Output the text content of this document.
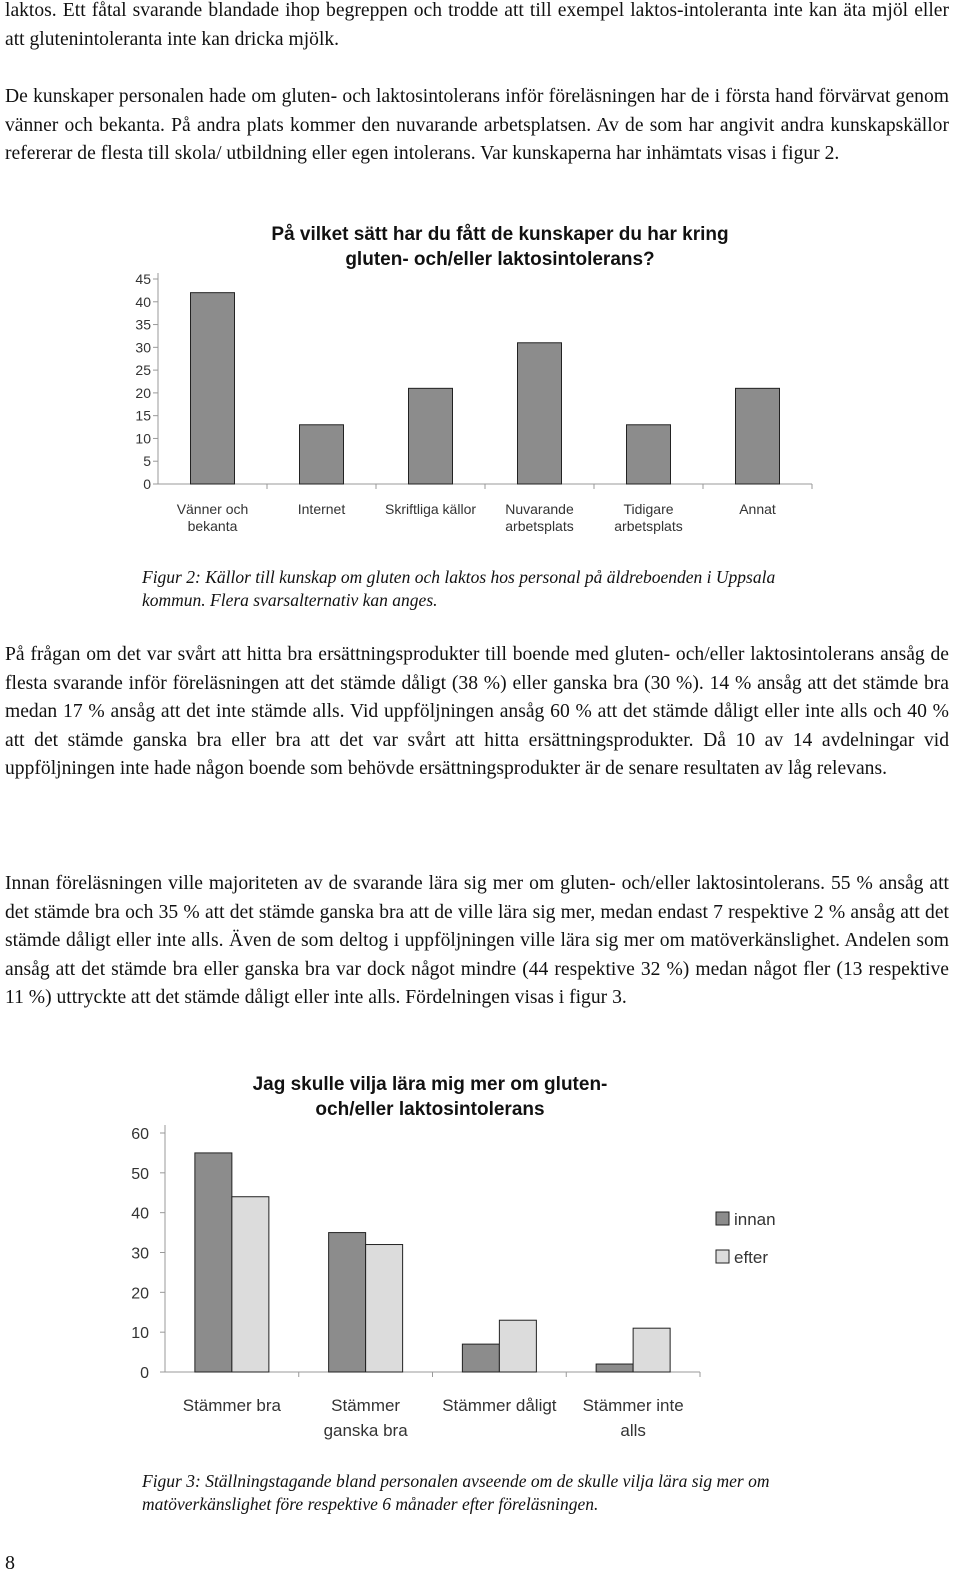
laktos. Ett fåtal svarande blandade ihop begreppen och trodde att till exempel laktos-intoleranta inte kan äta mjöl eller att glutenintoleranta inte kan dricka mjölk.

De kunskaper personalen hade om gluten- och laktosintolerans inför föreläsningen har de i första hand förvärvat genom vänner och bekanta. På andra plats kommer den nuvarande arbetsplatsen. Av de som har angivit andra kunskapskällor refererar de flesta till skola/ utbildning eller egen intolerans. Var kunskaperna har inhämtats visas i figur 2.

På vilket sätt har du fått de kunskaper du har kring
gluten- och/eller laktosintolerans?
0
5
10
15
20
25
30
35
40
45
Vänner och
bekanta
Internet	Skriftliga källor Nuvarande
arbetsplats
Tidigare
arbetsplats
Annat

Figur 2: Källor till kunskap om gluten och laktos hos personal på äldreboenden i Uppsala kommun. Flera svarsalternativ kan anges.

På frågan om det var svårt att hitta bra ersättningsprodukter till boende med gluten- och/eller laktosintolerans ansåg de flesta svarande inför föreläsningen att det stämde dåligt (38 %) eller ganska bra (30 %). 14 % ansåg att det stämde bra medan 17 % ansåg att det inte stämde alls. Vid uppföljningen ansåg 60 % att det stämde dåligt eller inte alls och 40 % att det stämde ganska bra eller bra att det var svårt att hitta ersättningsprodukter. Då 10 av 14 avdelningar vid uppföljningen inte hade någon boende som behövde ersättningsprodukter är de senare resultaten av låg relevans.

Innan föreläsningen ville majoriteten av de svarande lära sig mer om gluten- och/eller laktosintolerans. 55 % ansåg att det stämde bra och 35 % att det stämde ganska bra att de ville lära sig mer, medan endast 7 respektive 2 % ansåg att det stämde dåligt eller inte alls. Även de som deltog i uppföljningen ville lära sig mer om matöverkänslighet. Andelen som ansåg att det stämde bra eller ganska bra var dock något mindre (44 respektive 32 %) medan något fler (13 respektive 11 %) uttryckte att det stämde dåligt eller inte alls. Fördelningen visas i figur 3.

Jag skulle vilja lära mig mer om gluten-
och/eller laktosintolerans
0
10
20
30
40
50
60
Stämmer bra	Stämmer
ganska bra
Stämmer dåligt Stämmer inte
alls
innan
efter

Figur 3: Ställningstagande bland personalen avseende om de skulle vilja lära sig mer om matöverkänslighet före respektive 6 månader efter föreläsningen.

8
